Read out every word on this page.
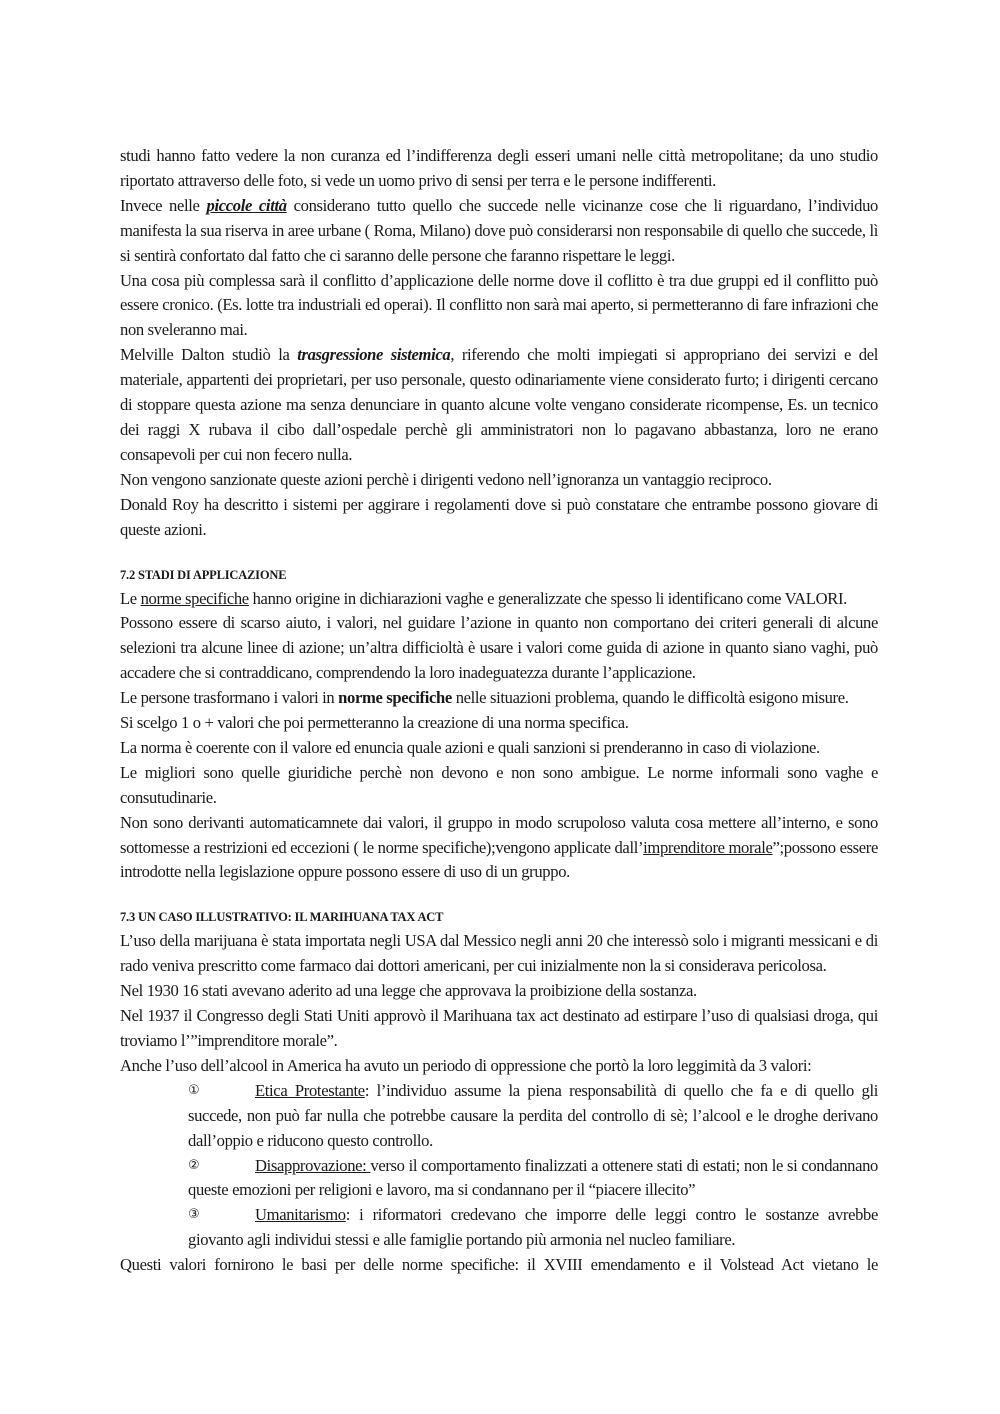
studi hanno fatto vedere la non curanza ed l’indifferenza degli esseri umani nelle città metropolitane; da uno studio riportato attraverso delle foto, si vede un uomo privo di sensi per terra e le persone indifferenti.

Invece nelle piccole città considerano tutto quello che succede nelle vicinanze cose che li riguardano, l’individuo manifesta la sua riserva in aree urbane ( Roma, Milano) dove può considerarsi non responsabile di quello che succede, lì si sentirà confortato dal fatto che ci saranno delle persone che faranno rispettare le leggi.

Una cosa più complessa sarà il conflitto d’applicazione delle norme dove il coflitto è tra due gruppi ed il conflitto può essere cronico. (Es. lotte tra industriali ed operai). Il conflitto non sarà mai aperto, si permetteranno di fare infrazioni che non sveleranno mai.

Melville Dalton studiò la trasgressione sistemica, riferendo che molti impiegati si appropriano dei servizi e del materiale, appartenti dei proprietari, per uso personale, questo odinariamente viene considerato furto; i dirigenti cercano di stoppare questa azione ma senza denunciare in quanto alcune volte vengano considerate ricompense, Es. un tecnico dei raggi X rubava il cibo dall’ospedale perchè gli amministratori non lo pagavano abbastanza, loro ne erano consapevoli per cui non fecero nulla.

Non vengono sanzionate queste azioni perchè i dirigenti vedono nell’ignoranza un vantaggio reciproco.

Donald Roy ha descritto i sistemi per aggirare i regolamenti dove si può constatare che entrambe possono giovare di queste azioni.

7.2 STADI DI APPLICAZIONE

Le norme specifiche hanno origine in dichiarazioni vaghe e generalizzate che spesso li identificano come VALORI.

Possono essere di scarso aiuto, i valori, nel guidare l’azione in quanto non comportano dei criteri generali di alcune selezioni tra alcune linee di azione; un’altra difficioltà è usare i valori come guida di azione in quanto siano vaghi, può accadere che si contraddicano, comprendendo la loro inadeguatezza durante l’applicazione.

Le persone trasformano i valori in norme specifiche nelle situazioni problema, quando le difficoltà esigono misure.

Si scelgo 1 o + valori che poi permetteranno la creazione di una norma specifica.

La norma è coerente con il valore ed enuncia quale azioni e quali sanzioni si prenderanno in caso di violazione.

Le migliori sono quelle giuridiche perchè non devono e non sono ambigue. Le norme informali sono vaghe e consutudinarie.

Non sono derivanti automaticamnete dai valori, il gruppo in modo scrupoloso valuta cosa mettere all’interno, e sono sottomesse a restrizioni ed eccezioni ( le norme specifiche);vengono applicate dall’imprenditore morale”;possono essere introdotte nella legislazione oppure possono essere di uso di un gruppo.

7.3 UN CASO ILLUSTRATIVO: IL MARIHUANA TAX ACT

L’uso della marijuana è stata importata negli USA dal Messico negli anni 20 che interessò solo i migranti messicani e di rado veniva prescritto come farmaco dai dottori americani, per cui inizialmente non la si considerava pericolosa.

Nel 1930 16 stati avevano aderito ad una legge che approvava la proibizione della sostanza.

Nel 1937 il Congresso degli Stati Uniti approvò il Marihuana tax act destinato ad estirpare l’uso di qualsiasi droga, qui troviamo l’”imprenditore morale”.

Anche l’uso dell’alcool in America ha avuto un periodo di oppressione che portò la loro leggimità da 3 valori:

①	Etica Protestante: l’individuo assume la piena responsabilità di quello che fa e di quello gli succede, non può far nulla che potrebbe causare la perdita del controllo di sè; l’alcool e le droghe derivano dall’oppio e riducono questo controllo.
②	Disapprovazione: verso il comportamento finalizzati a ottenere stati di estati; non le si condannano queste emozioni per religioni e lavoro, ma si condannano per il “piacere illecito”
③	Umanitarismo: i riformatori credevano che imporre delle leggi contro le sostanze avrebbe giovanto agli individui stessi e alle famiglie portando più armonia nel nucleo familiare.

Questi valori fornirono le basi per delle norme specifiche: il XVIII emendamento e il Volstead Act vietano le
